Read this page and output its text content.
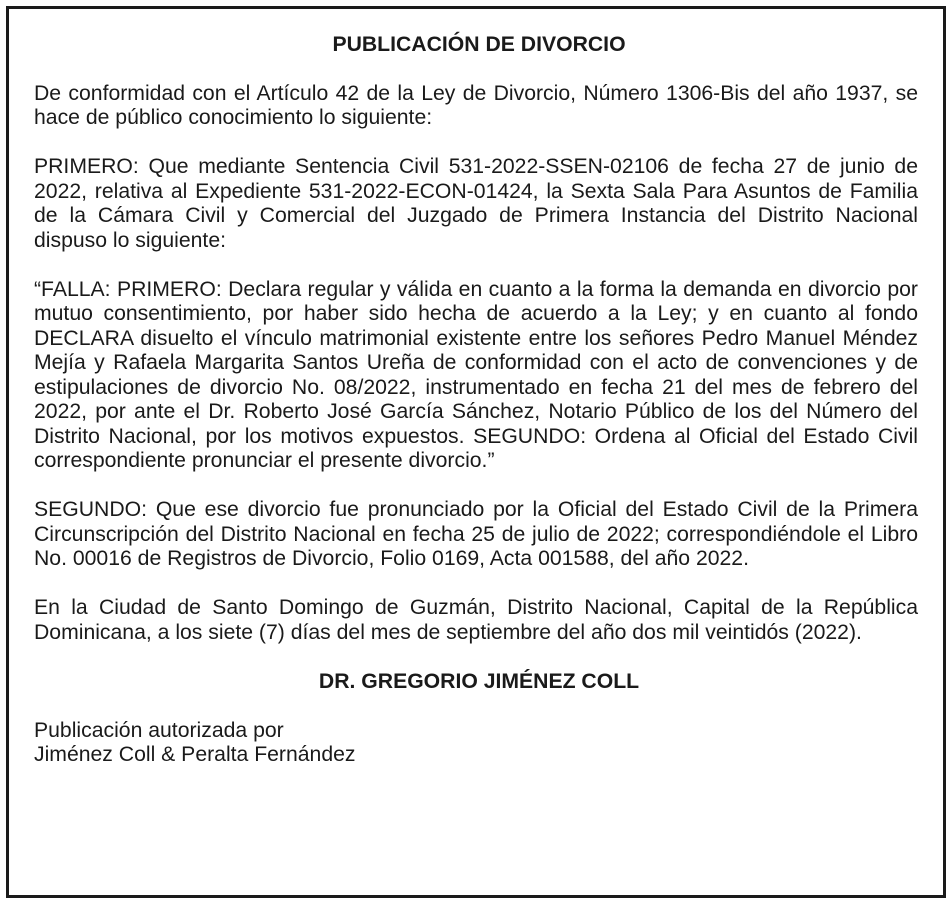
PUBLICACIÓN DE DIVORCIO
De conformidad con el Artículo 42 de la Ley de Divorcio, Número 1306-Bis del año 1937, se hace de público conocimiento lo siguiente:
PRIMERO: Que mediante Sentencia Civil 531-2022-SSEN-02106 de fecha 27 de junio de 2022, relativa al Expediente 531-2022-ECON-01424, la Sexta Sala Para Asuntos de Familia de la Cámara Civil y Comercial del Juzgado de Primera Instancia del Distrito Nacional dispuso lo siguiente:
“FALLA: PRIMERO: Declara regular y válida en cuanto a la forma la demanda en divorcio por mutuo consentimiento, por haber sido hecha de acuerdo a la Ley; y en cuanto al fondo DECLARA disuelto el vínculo matrimonial existente entre los señores Pedro Manuel Méndez Mejía y Rafaela Margarita Santos Ureña de conformidad con el acto de convenciones y de estipulaciones de divorcio No. 08/2022, instrumentado en fecha 21 del mes de febrero del 2022, por ante el Dr. Roberto José García Sánchez, Notario Público de los del Número del Distrito Nacional, por los motivos expuestos. SEGUNDO: Ordena al Oficial del Estado Civil correspondiente pronunciar el presente divorcio.”
SEGUNDO: Que ese divorcio fue pronunciado por la Oficial del Estado Civil de la Primera Circunscripción del Distrito Nacional en fecha 25 de julio de 2022; correspondiéndole el Libro No. 00016 de Registros de Divorcio, Folio 0169, Acta 001588, del año 2022.
En la Ciudad de Santo Domingo de Guzmán, Distrito Nacional, Capital de la República Dominicana, a los siete (7) días del mes de septiembre del año dos mil veintidós (2022).
DR. GREGORIO JIMÉNEZ COLL
Publicación autorizada por
Jiménez Coll & Peralta Fernández
